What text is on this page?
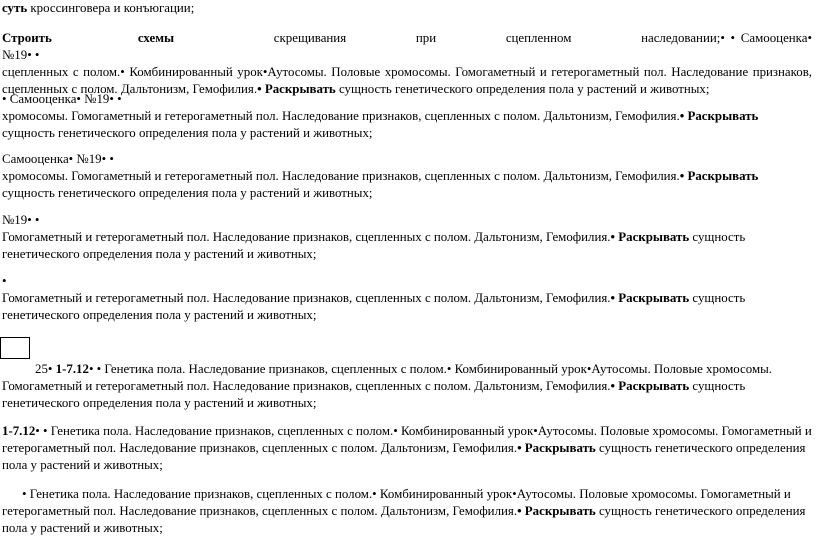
суть кроссинговера и конъюгации;
Строить	схемы скрещивания при сцепленном наследовании;• • Самооценка• №19• •
сцепленных с полом.• Комбинированный урок•Аутосомы. Половые хромосомы. Гомогаметный и гетерогаметный пол. Наследование признаков, сцепленных с полом. Дальтонизм, Гемофилия.• Раскрывать сущность генетического определения пола у растений и животных;
• Самооценка• №19• •
хромосомы. Гомогаметный и гетерогаметный пол. Наследование признаков, сцепленных с полом. Дальтонизм, Гемофилия.• Раскрывать сущность генетического определения пола у растений и животных;
Самооценка• №19• •
хромосомы. Гомогаметный и гетерогаметный пол. Наследование признаков, сцепленных с полом. Дальтонизм, Гемофилия.• Раскрывать сущность генетического определения пола у растений и животных;
№19• •
Гомогаметный и гетерогаметный пол. Наследование признаков, сцепленных с полом. Дальтонизм, Гемофилия.• Раскрывать сущность генетического определения пола у растений и животных;
•
Гомогаметный и гетерогаметный пол. Наследование признаков, сцепленных с полом. Дальтонизм, Гемофилия.• Раскрывать сущность генетического определения пола у растений и животных;
25• 1-7.12• • Генетика пола. Наследование признаков, сцепленных с полом.• Комбинированный урок•Аутосомы. Половые хромосомы. Гомогаметный и гетерогаметный пол. Наследование признаков, сцепленных с полом. Дальтонизм, Гемофилия.• Раскрывать сущность генетического определения пола у растений и животных;
1-7.12• • Генетика пола. Наследование признаков, сцепленных с полом.• Комбинированный урок•Аутосомы. Половые хромосомы. Гомогаметный и гетерогаметный пол. Наследование признаков, сцепленных с полом. Дальтонизм, Гемофилия.• Раскрывать сущность генетического определения пола у растений и животных;
• Генетика пола. Наследование признаков, сцепленных с полом.• Комбинированный урок•Аутосомы. Половые хромосомы. Гомогаметный и гетерогаметный пол. Наследование признаков, сцепленных с полом. Дальтонизм, Гемофилия.• Раскрывать сущность генетического определения пола у растений и животных;
